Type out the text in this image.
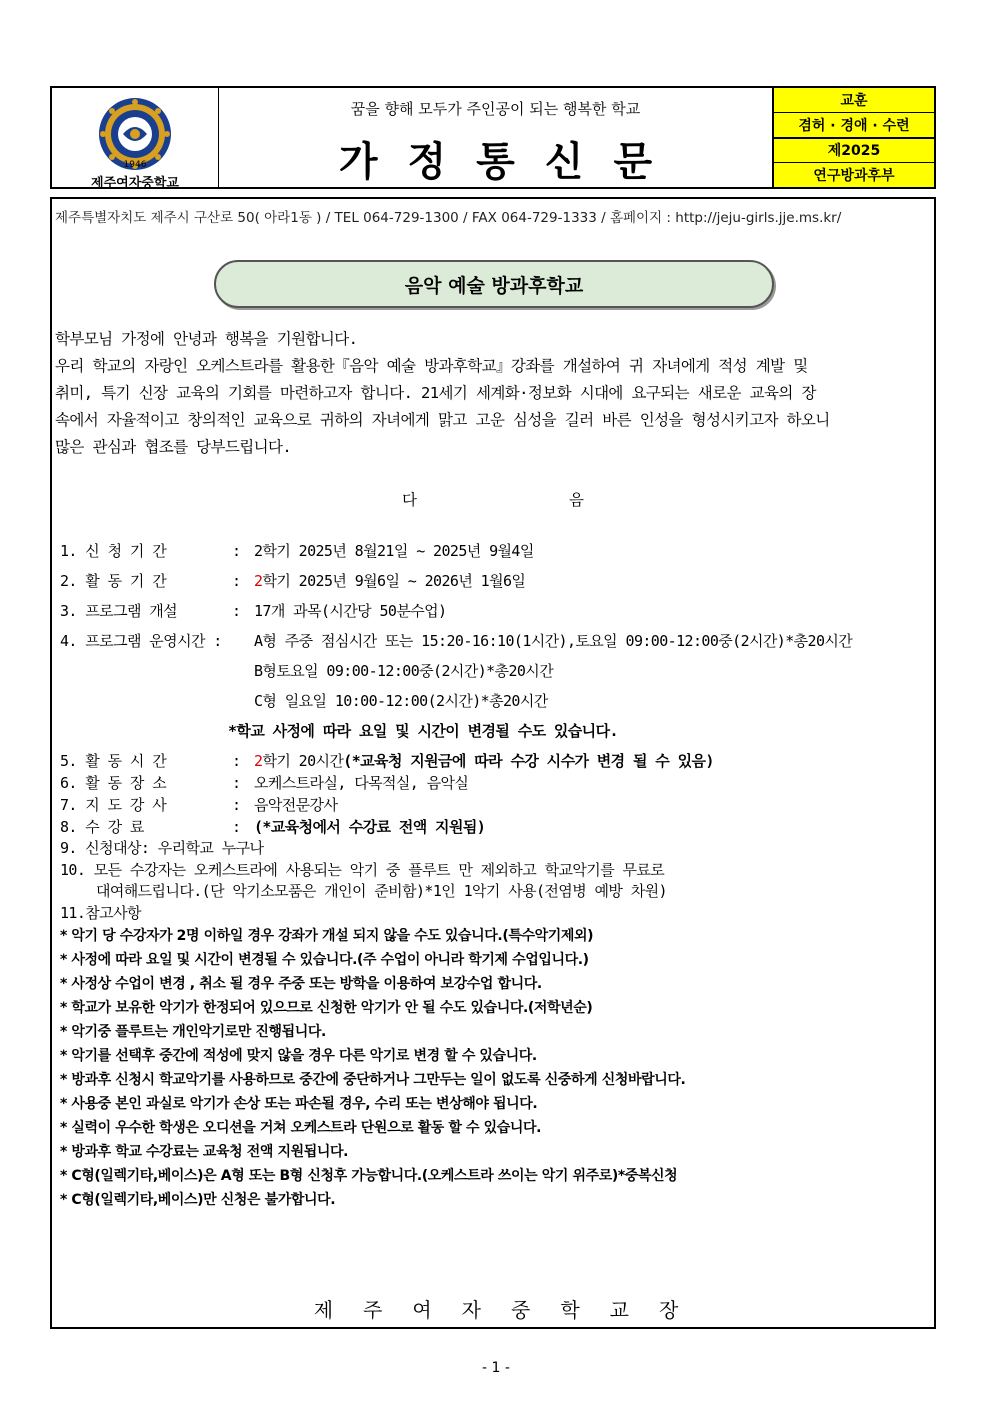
1946
제주여자중학교
꿈을 향해 모두가 주인공이 되는 행복한 학교
가정통신문
교훈
겸허 · 경애 · 수련
제2025
연구방과후부
제주특별자치도 제주시 구산로 50( 아라1동 ) / TEL 064-729-1300 / FAX 064-729-1333 / 홈페이지 : http://jeju-girls.jje.ms.kr/
음악 예술 방과후학교

학부모님 가정에 안녕과 행복을 기원합니다.

우리 학교의 자랑인 오케스트라를 활용한『음악 예술 방과후학교』강좌를 개설하여 귀 자녀에게 적성 계발 및

취미, 특기 신장 교육의 기회를 마련하고자 합니다. 21세기 세계화·정보화 시대에 요구되는 새로운 교육의 장

속에서 자율적이고 창의적인 교육으로 귀하의 자녀에게 맑고 고운 심성을 길러 바른 인성을 형성시키고자 하오니

많은 관심과 협조를 당부드립니다.

다	음
1. 신 청 기 간	: 2학기 2025년 8월21일 ~ 2025년 9월4일
2. 활 동 기 간	: 2학기 2025년 9월6일 ~ 2026년 1월6일
3. 프로그램 개설	: 17개 과목(시간당 50분수업)
4. 프로그램 운영시간 : A형 주중 점심시간 또는 15:20-16:10(1시간),토요일 09:00-12:00중(2시간)*총20시간
B형토요일 09:00-12:00중(2시간)*총20시간
C형 일요일 10:00-12:00(2시간)*총20시간
*학교 사정에 따라 요일 및 시간이 변경될 수도 있습니다.
5. 활 동 시 간	: 2학기 20시간(*교육청 지원금에 따라 수강 시수가 변경 될 수 있음)
6. 활 동 장 소	: 오케스트라실, 다목적실, 음악실
7. 지 도 강 사	: 음악전문강사
8. 수 강 료	: (*교육청에서 수강료 전액 지원됨)
9. 신청대상: 우리학교 누구나
10. 모든 수강자는 오케스트라에 사용되는 악기 중 플루트 만 제외하고 학교악기를 무료로
대여해드립니다.(단 악기소모품은 개인이 준비함)*1인 1악기 사용(전염병 예방 차원)
11.참고사항
* 악기 당 수강자가 2명 이하일 경우 강좌가 개설 되지 않을 수도 있습니다.(특수악기제외)
* 사정에 따라 요일 및 시간이 변경될 수 있습니다.(주 수업이 아니라 학기제 수업입니다.)
* 사정상 수업이 변경 , 취소 될 경우 주중 또는 방학을 이용하여 보강수업 합니다.
* 학교가 보유한 악기가 한정되어 있으므로 신청한 악기가 안 될 수도 있습니다.(저학년순)
* 악기중 플루트는 개인악기로만 진행됩니다.
* 악기를 선택후 중간에 적성에 맞지 않을 경우 다른 악기로 변경 할 수 있습니다.
* 방과후 신청시 학교악기를 사용하므로 중간에 중단하거나 그만두는 일이 없도록 신중하게 신청바랍니다.
* 사용중 본인 과실로 악기가 손상 또는 파손될 경우, 수리 또는 변상해야 됩니다.
* 실력이 우수한 학생은 오디션을 거쳐 오케스트라 단원으로 활동 할 수 있습니다.
* 방과후 학교 수강료는 교육청 전액 지원됩니다.
* C형(일렉기타,베이스)은 A형 또는 B형 신청후 가능합니다.(오케스트라 쓰이는 악기 위주로)*중복신청
* C형(일렉기타,베이스)만 신청은 불가합니다.
제주여자중학교장
- 1 -
